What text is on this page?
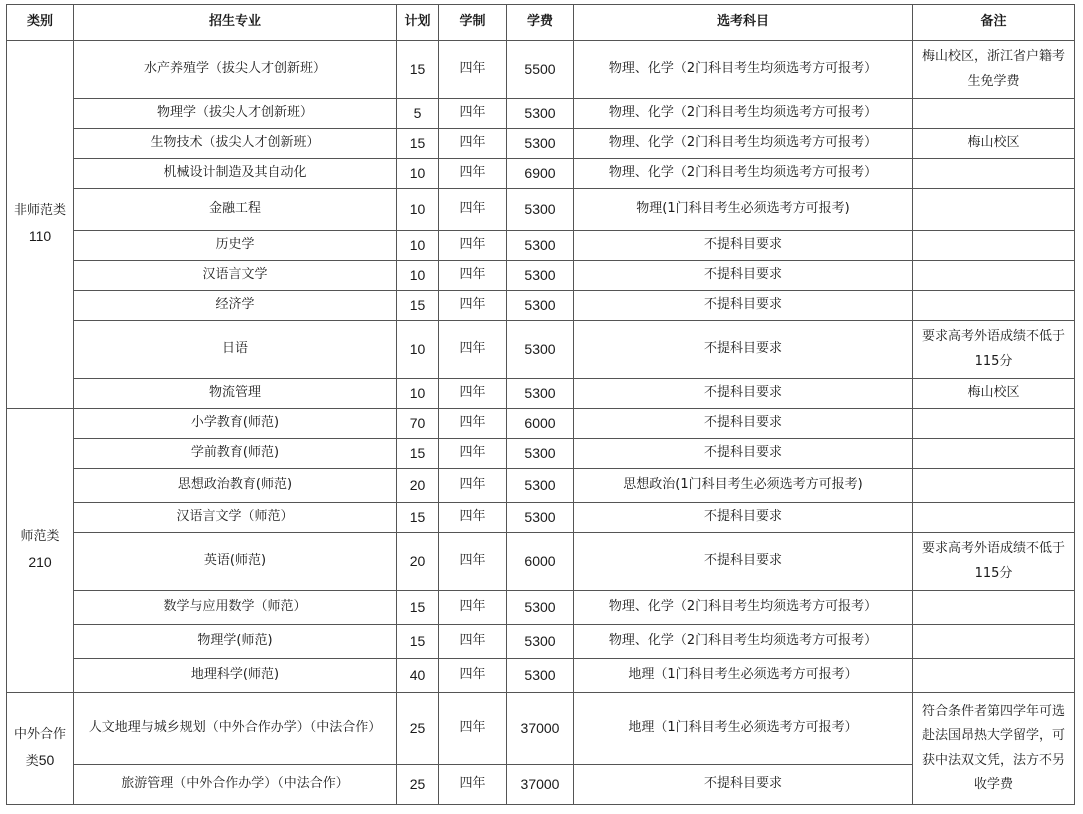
类别	招生专业	计划	学制	学费	选考科目	备注
非师范类
110	水产养殖学（拔尖人才创新班）	15	四年	5500	物理、化学（2门科目考生均须选考方可报考）	梅山校区，浙江省户籍考生免学费
	物理学（拔尖人才创新班）	5	四年	5300	物理、化学（2门科目考生均须选考方可报考）	
	生物技术（拔尖人才创新班）	15	四年	5300	物理、化学（2门科目考生均须选考方可报考）	梅山校区
	机械设计制造及其自动化	10	四年	6900	物理、化学（2门科目考生均须选考方可报考）	
	金融工程	10	四年	5300	物理(1门科目考生必须选考方可报考)	
	历史学	10	四年	5300	不提科目要求	
	汉语言文学	10	四年	5300	不提科目要求	
	经济学	15	四年	5300	不提科目要求	
	日语	10	四年	5300	不提科目要求	要求高考外语成绩不低于115分
	物流管理	10	四年	5300	不提科目要求	梅山校区
师范类
210	小学教育(师范)	70	四年	6000	不提科目要求	
	学前教育(师范)	15	四年	5300	不提科目要求	
	思想政治教育(师范)	20	四年	5300	思想政治(1门科目考生必须选考方可报考)	
	汉语言文学（师范）	15	四年	5300	不提科目要求	
	英语(师范)	20	四年	6000	不提科目要求	要求高考外语成绩不低于115分
	数学与应用数学（师范）	15	四年	5300	物理、化学（2门科目考生均须选考方可报考）	
	物理学(师范)	15	四年	5300	物理、化学（2门科目考生均须选考方可报考）	
	地理科学(师范)	40	四年	5300	地理（1门科目考生必须选考方可报考）	
中外合作类50	人文地理与城乡规划（中外合作办学）（中法合作）	25	四年	37000	地理（1门科目考生必须选考方可报考）	符合条件者第四学年可选赴法国昂热大学留学，可获中法双文凭，法方不另收学费
	旅游管理（中外合作办学）（中法合作）	25	四年	37000	不提科目要求	
